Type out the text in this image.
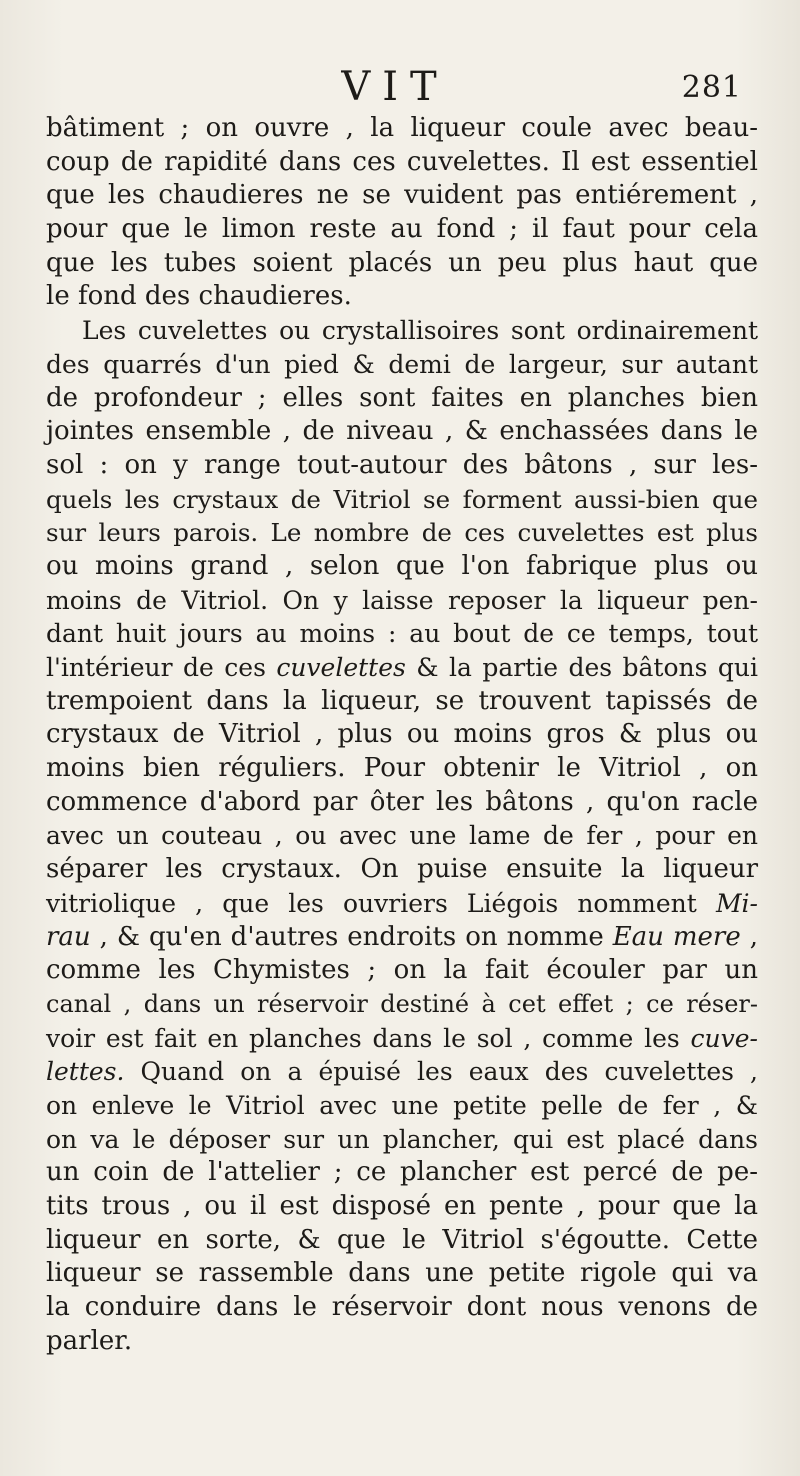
VIT	281
bâtiment ; on ouvre , la liqueur coule avec beau-
coup de rapidité dans ces cuvelettes. Il est essentiel
que les chaudieres ne se vuident pas entiérement ,
pour que le limon reste au fond ; il faut pour cela
que les tubes soient placés un peu plus haut que
le fond des chaudieres.
Les cuvelettes ou crystallisoires sont ordinairement
des quarrés d'un pied & demi de largeur, sur autant
de profondeur ; elles sont faites en planches bien
jointes ensemble , de niveau , & enchassées dans le
sol : on y range tout-autour des bâtons , sur les-
quels les crystaux de Vitriol se forment aussi-bien que
sur leurs parois. Le nombre de ces cuvelettes est plus
ou moins grand , selon que l'on fabrique plus ou
moins de Vitriol. On y laisse reposer la liqueur pen-
dant huit jours au moins : au bout de ce temps, tout
l'intérieur de ces cuvelettes & la partie des bâtons qui
trempoient dans la liqueur, se trouvent tapissés de
crystaux de Vitriol , plus ou moins gros & plus ou
moins bien réguliers. Pour obtenir le Vitriol , on
commence d'abord par ôter les bâtons , qu'on racle
avec un couteau , ou avec une lame de fer , pour en
séparer les crystaux. On puise ensuite la liqueur
vitriolique , que les ouvriers Liégois nomment Mi-
rau , & qu'en d'autres endroits on nomme Eau mere ,
comme les Chymistes ; on la fait écouler par un
canal , dans un réservoir destiné à cet effet ; ce réser-
voir est fait en planches dans le sol , comme les cuve-
lettes. Quand on a épuisé les eaux des cuvelettes ,
on enleve le Vitriol avec une petite pelle de fer , &
on va le déposer sur un plancher, qui est placé dans
un coin de l'attelier ; ce plancher est percé de pe-
tits trous , ou il est disposé en pente , pour que la
liqueur en sorte, & que le Vitriol s'égoutte. Cette
liqueur se rassemble dans une petite rigole qui va
la conduire dans le réservoir dont nous venons de
parler.
